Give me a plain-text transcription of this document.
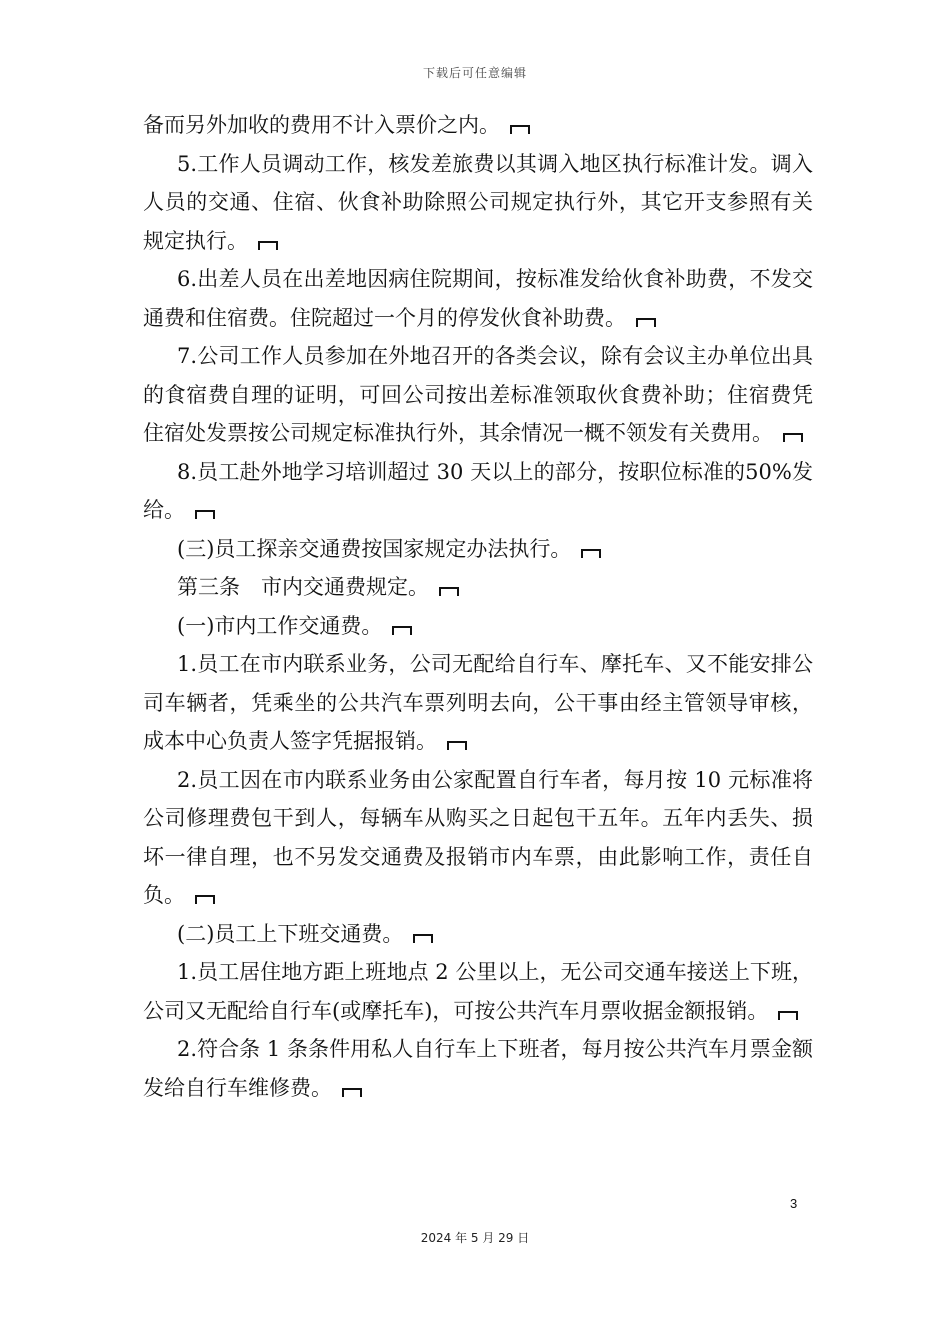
下载后可任意编辑

备而另外加收的费用不计入票价之内。

5.工作人员调动工作，核发差旅费以其调入地区执行标准计发。调入人员的交通、住宿、伙食补助除照公司规定执行外，其它开支参照有关规定执行。

6.出差人员在出差地因病住院期间，按标准发给伙食补助费，不发交通费和住宿费。住院超过一个月的停发伙食补助费。

7.公司工作人员参加在外地召开的各类会议，除有会议主办单位出具的食宿费自理的证明，可回公司按出差标准领取伙食费补助；住宿费凭住宿处发票按公司规定标准执行外，其余情况一概不领发有关费用。

8.员工赴外地学习培训超过 30 天以上的部分，按职位标准的50%发给。

(三)员工探亲交通费按国家规定办法执行。

第三条　市内交通费规定。

(一)市内工作交通费。

1.员工在市内联系业务，公司无配给自行车、摩托车、又不能安排公司车辆者，凭乘坐的公共汽车票列明去向，公干事由经主管领导审核，成本中心负责人签字凭据报销。

2.员工因在市内联系业务由公家配置自行车者，每月按 10 元标准将公司修理费包干到人，每辆车从购买之日起包干五年。五年内丢失、损坏一律自理，也不另发交通费及报销市内车票，由此影响工作，责任自负。

(二)员工上下班交通费。

1.员工居住地方距上班地点 2 公里以上，无公司交通车接送上下班，公司又无配给自行车(或摩托车)，可按公共汽车月票收据金额报销。

2.符合条 1 条条件用私人自行车上下班者，每月按公共汽车月票金额发给自行车维修费。

3
2024 年 5 月 29 日
